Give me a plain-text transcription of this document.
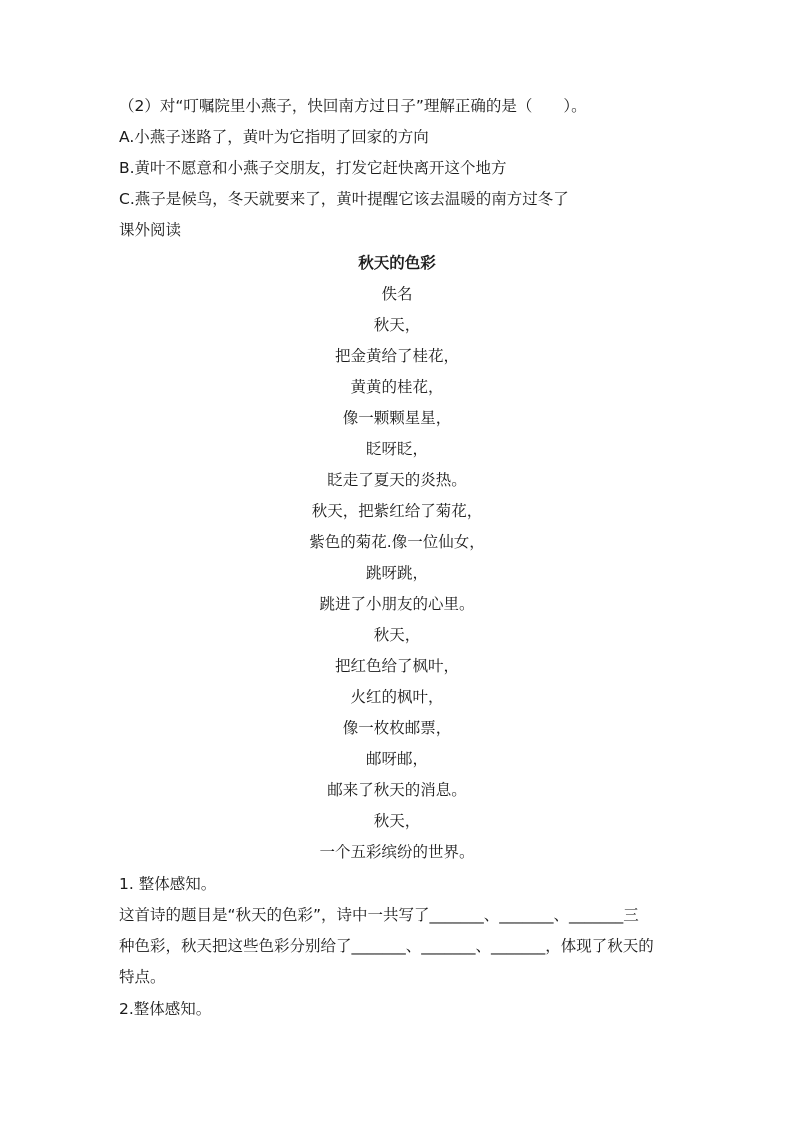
（2）对“叮嘱院里小燕子，快回南方过日子”理解正确的是（　　）。
A.小燕子迷路了，黄叶为它指明了回家的方向
B.黄叶不愿意和小燕子交朋友，打发它赶快离开这个地方
C.燕子是候鸟，冬天就要来了，黄叶提醒它该去温暖的南方过冬了
课外阅读
秋天的色彩
佚名
秋天，
把金黄给了桂花，
黄黄的桂花，
像一颗颗星星，
眨呀眨，
眨走了夏天的炎热。
秋天，把紫红给了菊花，
紫色的菊花.像一位仙女，
跳呀跳，
跳进了小朋友的心里。
秋天，
把红色给了枫叶，
火红的枫叶，
像一枚枚邮票，
邮呀邮，
邮来了秋天的消息。
秋天，
一个五彩缤纷的世界。
1. 整体感知。
这首诗的题目是“秋天的色彩”，诗中一共写了_______、_______、_______三
种色彩，秋天把这些色彩分别给了_______、_______、_______，体现了秋天的
特点。
2.整体感知。
